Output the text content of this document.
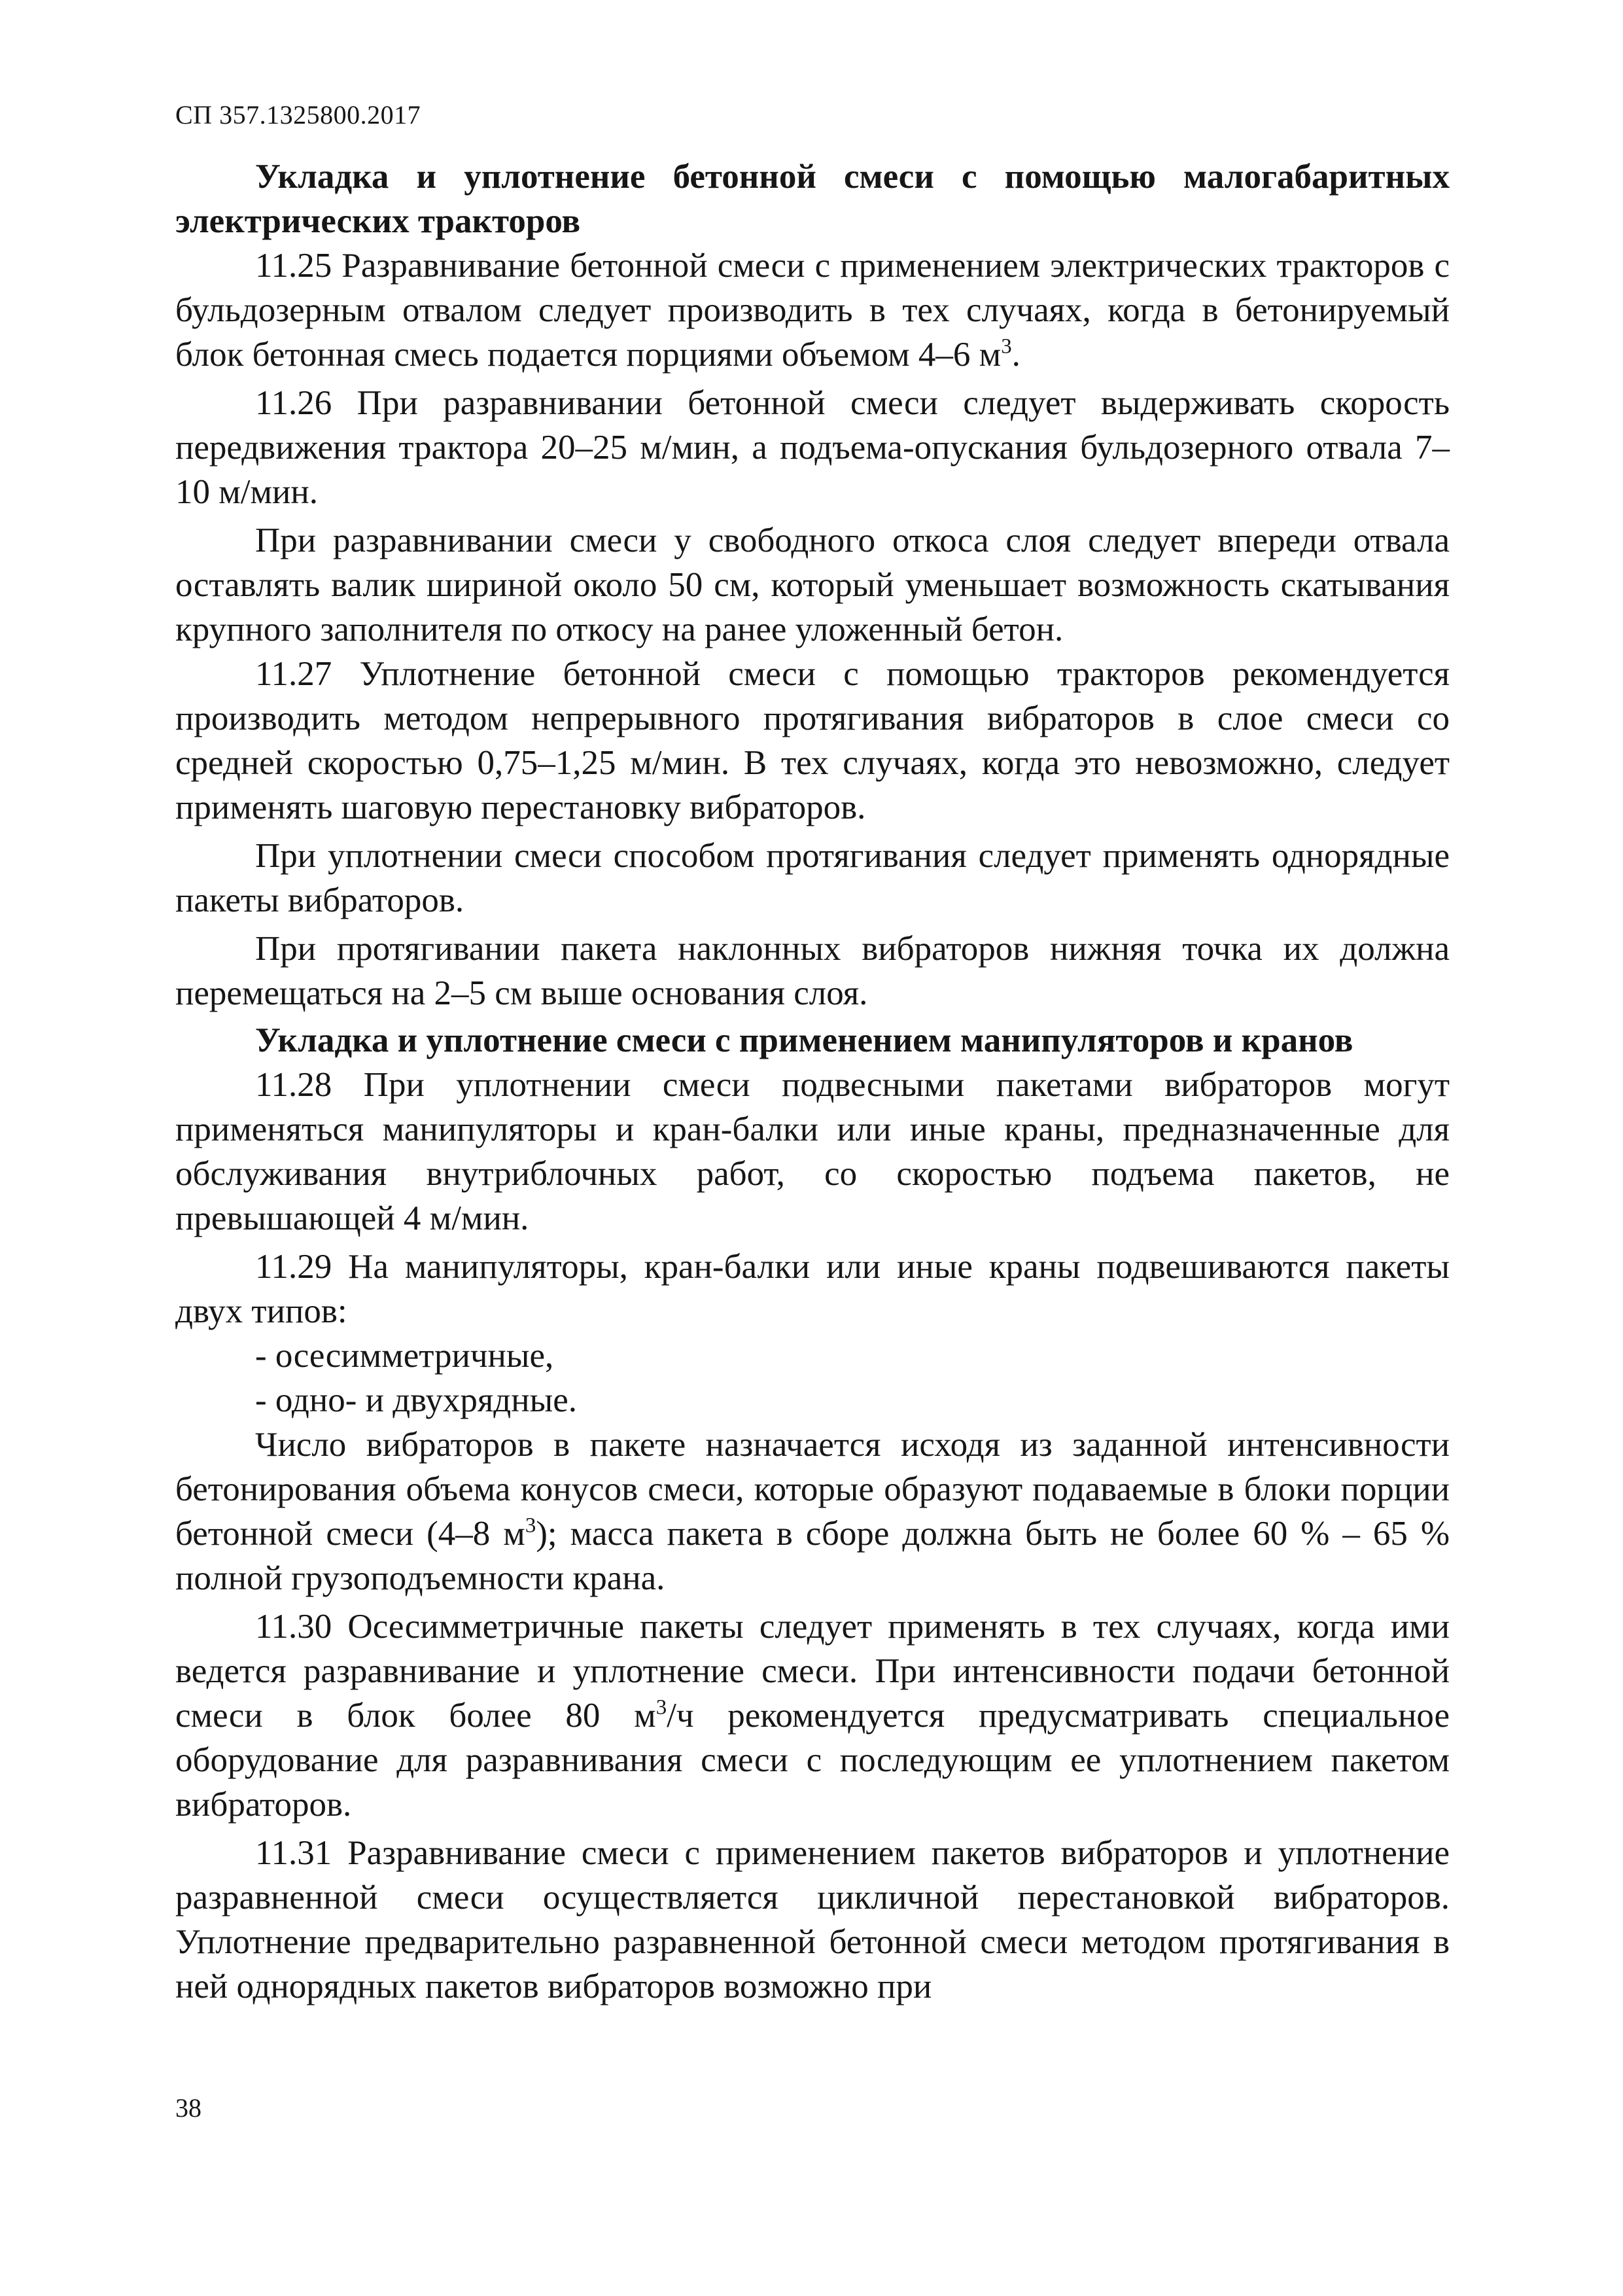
СП 357.1325800.2017

Укладка и уплотнение бетонной смеси с помощью малогабаритных электрических тракторов

11.25 Разравнивание бетонной смеси с применением электрических тракторов с бульдозерным отвалом следует производить в тех случаях, когда в бетонируемый блок бетонная смесь подается порциями объемом 4–6 $м^3$.

11.26 При разравнивании бетонной смеси следует выдерживать скорость передвижения трактора 20–25 м/мин, а подъема-опускания бульдозерного отвала 7–10 м/мин.

При разравнивании смеси у свободного откоса слоя следует впереди отвала оставлять валик шириной около 50 см, который уменьшает возможность скатывания крупного заполнителя по откосу на ранее уложенный бетон.

11.27 Уплотнение бетонной смеси с помощью тракторов рекомендуется производить методом непрерывного протягивания вибраторов в слое смеси со средней скоростью 0,75–1,25 м/мин. В тех случаях, когда это невозможно, следует применять шаговую перестановку вибраторов.

При уплотнении смеси способом протягивания следует применять однорядные пакеты вибраторов.

При протягивании пакета наклонных вибраторов нижняя точка их должна перемещаться на 2–5 см выше основания слоя.

Укладка и уплотнение смеси с применением манипуляторов и кранов

11.28 При уплотнении смеси подвесными пакетами вибраторов могут применяться манипуляторы и кран-балки или иные краны, предназначенные для обслуживания внутриблочных работ, со скоростью подъема пакетов, не превышающей 4 м/мин.

11.29 На манипуляторы, кран-балки или иные краны подвешиваются пакеты двух типов:

- осесимметричные,

- одно- и двухрядные.

Число вибраторов в пакете назначается исходя из заданной интенсивности бетонирования объема конусов смеси, которые образуют подаваемые в блоки порции бетонной смеси (4–8 $м^3$); масса пакета в сборе должна быть не более 60 % – 65 % полной грузоподъемности крана.

11.30 Осесимметричные пакеты следует применять в тех случаях, когда ими ведется разравнивание и уплотнение смеси. При интенсивности подачи бетонной смеси в блок более 80 $м^3/ч$ рекомендуется предусматривать специальное оборудование для разравнивания смеси с последующим ее уплотнением пакетом вибраторов.

11.31 Разравнивание смеси с применением пакетов вибраторов и уплотнение разравненной смеси осуществляется цикличной перестановкой вибраторов. Уплотнение предварительно разравненной бетонной смеси методом протягивания в ней однорядных пакетов вибраторов возможно при

38
